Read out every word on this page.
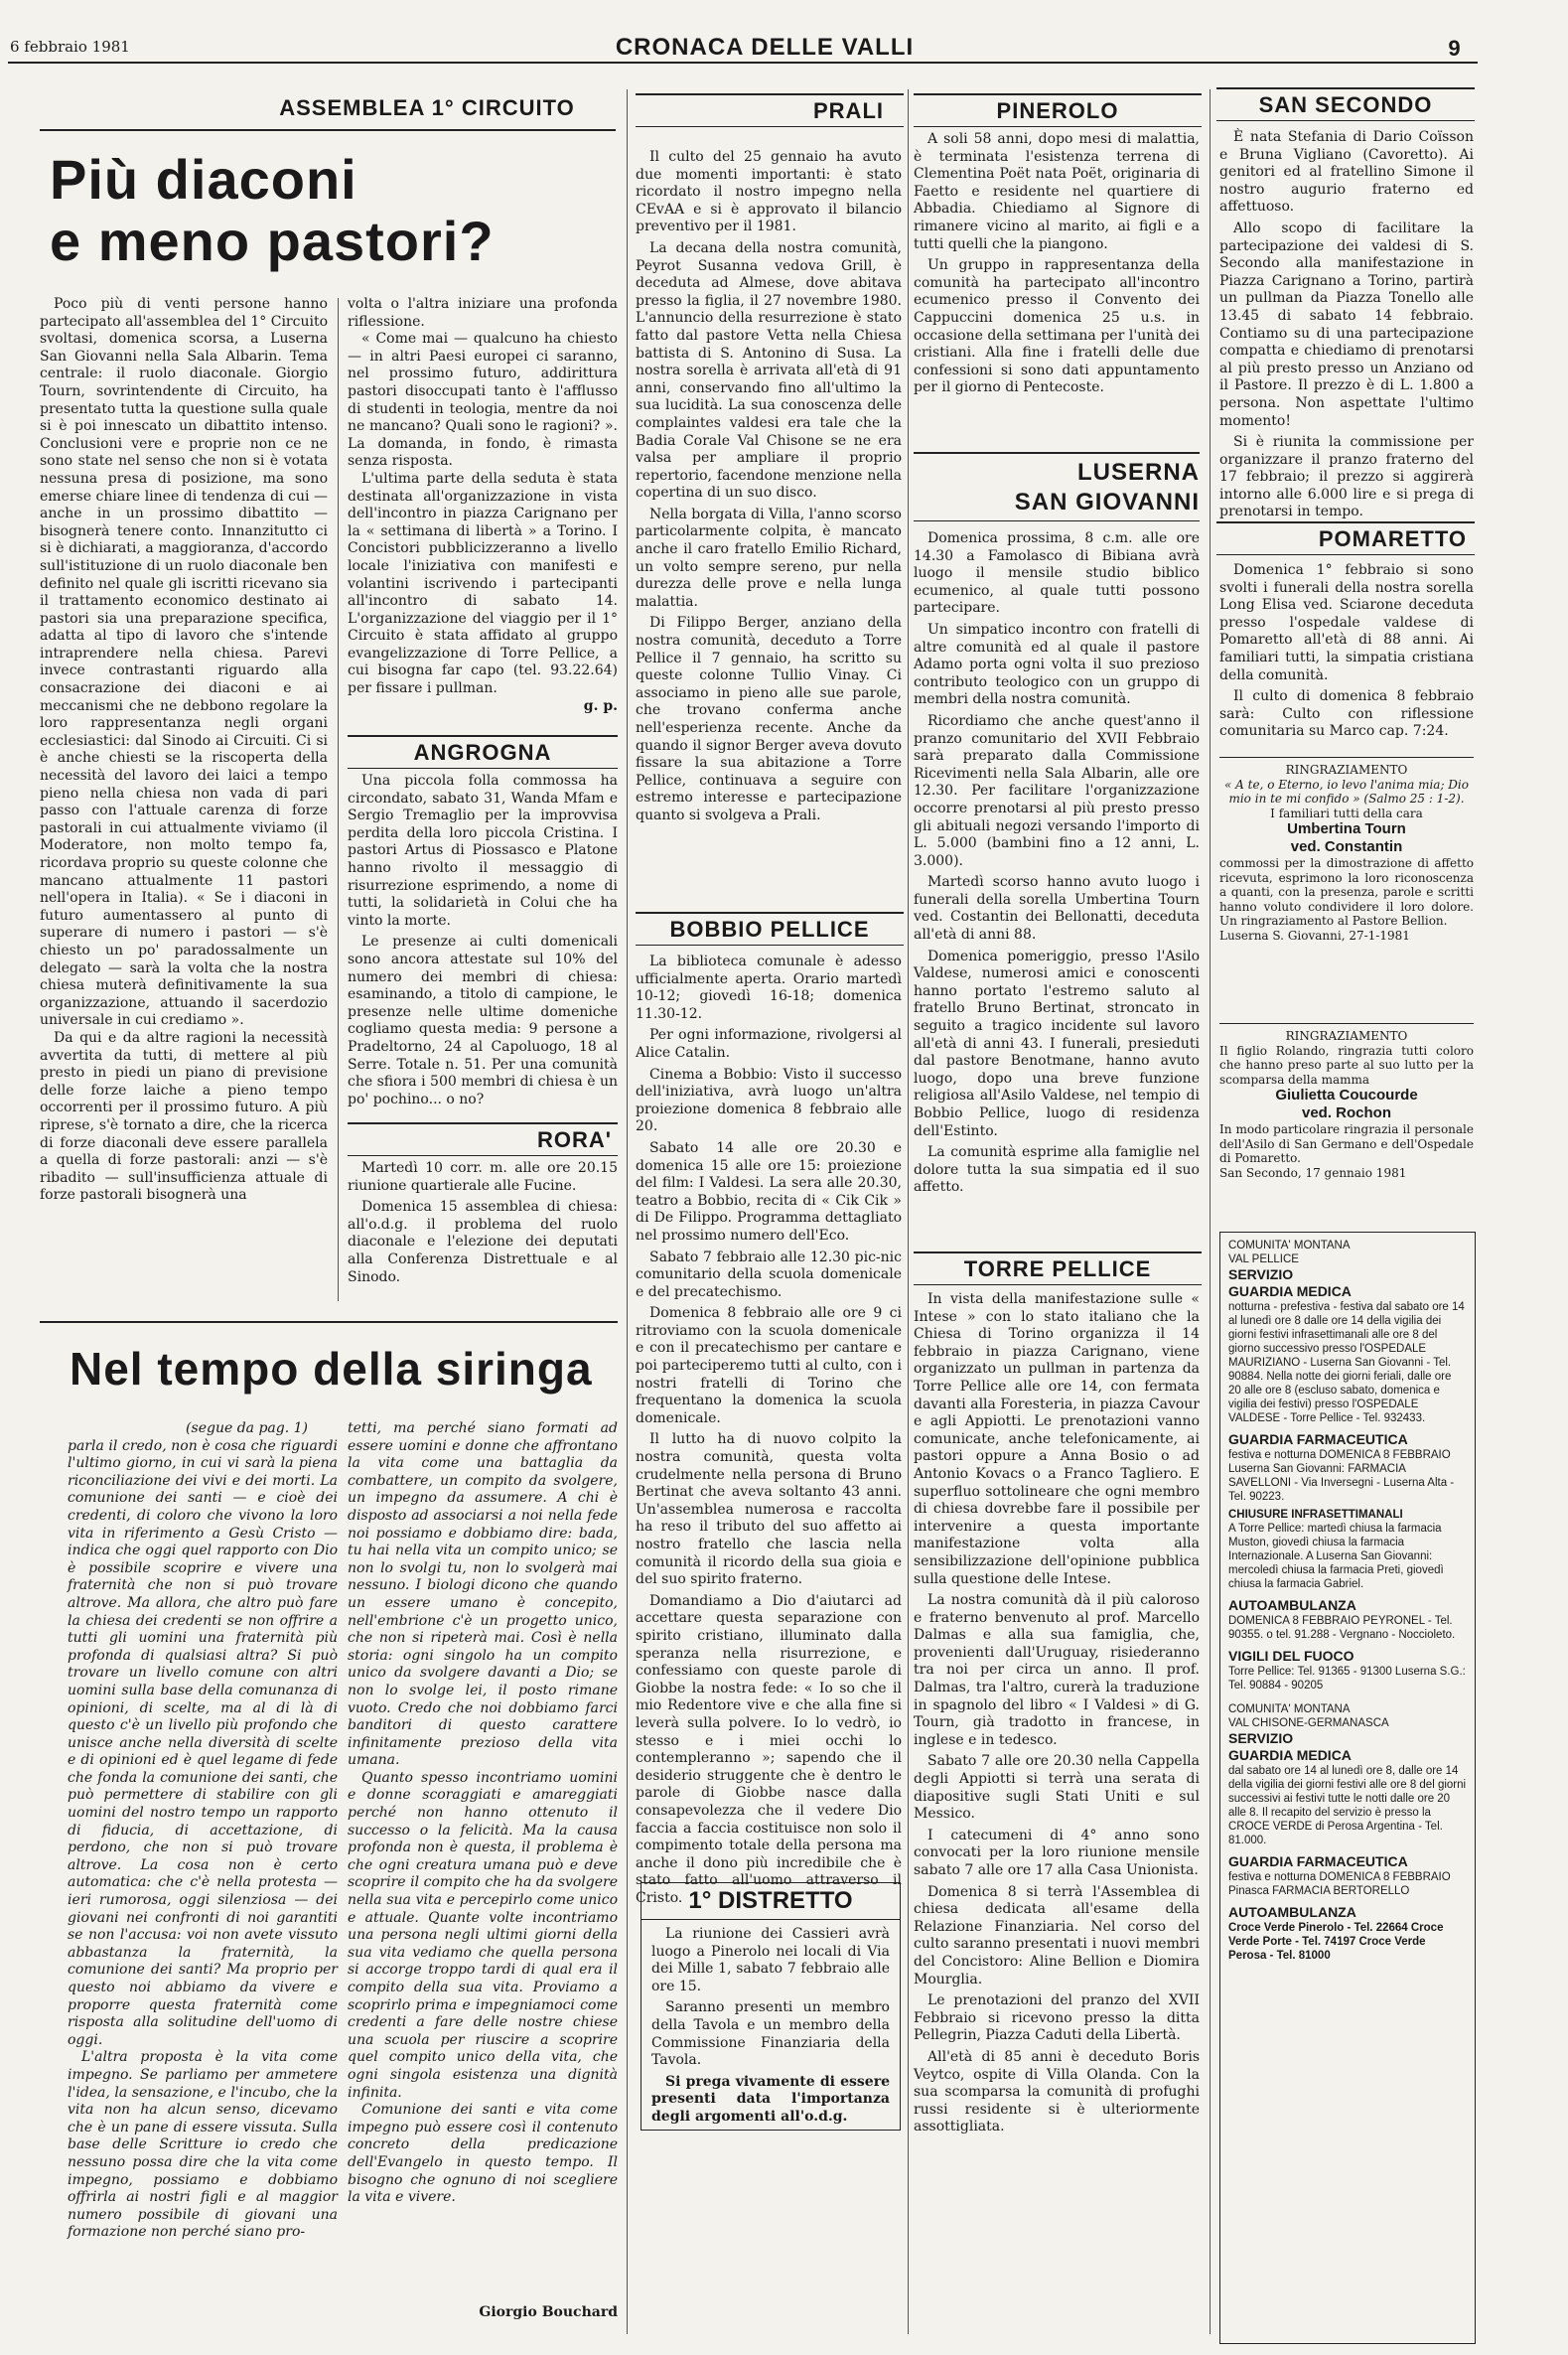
6 febbraio 1981	CRONACA DELLE VALLI	9
ASSEMBLEA 1° CIRCUITO
Più diaconi
e meno pastori?

Poco più di venti persone hanno partecipato all'assemblea del 1° Circuito svoltasi, domenica scorsa, a Luserna San Giovanni nella Sala Albarin. Tema centrale: il ruolo diaconale. Giorgio Tourn, sovrintendente di Circuito, ha presentato tutta la questione sulla quale si è poi innescato un dibattito intenso. Conclusioni vere e proprie non ce ne sono state nel senso che non si è votata nessuna presa di posizione, ma sono emerse chiare linee di tendenza di cui — anche in un prossimo dibattito — bisognerà tenere conto. Innanzitutto ci si è dichiarati, a maggioranza, d'accordo sull'istituzione di un ruolo diaconale ben definito nel quale gli iscritti ricevano sia il trattamento economico destinato ai pastori sia una preparazione specifica, adatta al tipo di lavoro che s'intende intraprendere nella chiesa. Parevi invece contrastanti riguardo alla consacrazione dei diaconi e ai meccanismi che ne debbono regolare la loro rappresentanza negli organi ecclesiastici: dal Sinodo ai Circuiti. Ci si è anche chiesti se la riscoperta della necessità del lavoro dei laici a tempo pieno nella chiesa non vada di pari passo con l'attuale carenza di forze pastorali in cui attualmente viviamo (il Moderatore, non molto tempo fa, ricordava proprio su queste colonne che mancano attualmente 11 pastori nell'opera in Italia). « Se i diaconi in futuro aumentassero al punto di superare di numero i pastori — s'è chiesto un po' paradossalmente un delegato — sarà la volta che la nostra chiesa muterà definitivamente la sua organizzazione, attuando il sacerdozio universale in cui crediamo ».

Da qui e da altre ragioni la necessità avvertita da tutti, di mettere al più presto in piedi un piano di previsione delle forze laiche a pieno tempo occorrenti per il prossimo futuro. A più riprese, s'è tornato a dire, che la ricerca di forze diaconali deve essere parallela a quella di forze pastorali: anzi — s'è ribadito — sull'insufficienza attuale di forze pastorali bisognerà una

volta o l'altra iniziare una profonda riflessione.

« Come mai — qualcuno ha chiesto — in altri Paesi europei ci saranno, nel prossimo futuro, addirittura pastori disoccupati tanto è l'afflusso di studenti in teologia, mentre da noi ne mancano? Quali sono le ragioni? ». La domanda, in fondo, è rimasta senza risposta.

L'ultima parte della seduta è stata destinata all'organizzazione in vista dell'incontro in piazza Carignano per la « settimana di libertà » a Torino. I Concistori pubblicizzeranno a livello locale l'iniziativa con manifesti e volantini iscrivendo i partecipanti all'incontro di sabato 14. L'organizzazione del viaggio per il 1° Circuito è stata affidato al gruppo evangelizzazione di Torre Pellice, a cui bisogna far capo (tel. 93.22.64) per fissare i pullman.

g. p.
ANGROGNA

Una piccola folla commossa ha circondato, sabato 31, Wanda Mfam e Sergio Tremaglio per la improvvisa perdita della loro piccola Cristina. I pastori Artus di Piossasco e Platone hanno rivolto il messaggio di risurrezione esprimendo, a nome di tutti, la solidarietà in Colui che ha vinto la morte.

Le presenze ai culti domenicali sono ancora attestate sul 10% del numero dei membri di chiesa: esaminando, a titolo di campione, le presenze nelle ultime domeniche cogliamo questa media: 9 persone a Pradeltorno, 24 al Capoluogo, 18 al Serre. Totale n. 51. Per una comunità che sfiora i 500 membri di chiesa è un po' pochino... o no?

RORA'

Martedì 10 corr. m. alle ore 20.15 riunione quartierale alle Fucine.

Domenica 15 assemblea di chiesa: all'o.d.g. il problema del ruolo diaconale e l'elezione dei deputati alla Conferenza Distrettuale e al Sinodo.

Nel tempo della siringa
(segue da pag. 1)

parla il credo, non è cosa che riguardi l'ultimo giorno, in cui vi sarà la piena riconciliazione dei vivi e dei morti. La comunione dei santi — e cioè dei credenti, di coloro che vivono la loro vita in riferimento a Gesù Cristo — indica che oggi quel rapporto con Dio è possibile scoprire e vivere una fraternità che non si può trovare altrove. Ma allora, che altro può fare la chiesa dei credenti se non offrire a tutti gli uomini una fraternità più profonda di qualsiasi altra? Si può trovare un livello comune con altri uomini sulla base della comunanza di opinioni, di scelte, ma al di là di questo c'è un livello più profondo che unisce anche nella diversità di scelte e di opinioni ed è quel legame di fede che fonda la comunione dei santi, che può permettere di stabilire con gli uomini del nostro tempo un rapporto di fiducia, di accettazione, di perdono, che non si può trovare altrove. La cosa non è certo automatica: che c'è nella protesta — ieri rumorosa, oggi silenziosa — dei giovani nei confronti di noi garantiti se non l'accusa: voi non avete vissuto abbastanza la fraternità, la comunione dei santi? Ma proprio per questo noi abbiamo da vivere e proporre questa fraternità come risposta alla solitudine dell'uomo di oggi.

L'altra proposta è la vita come impegno. Se parliamo per ammetere l'idea, la sensazione, e l'incubo, che la vita non ha alcun senso, dicevamo che è un pane di essere vissuta. Sulla base delle Scritture io credo che nessuno possa dire che la vita come impegno, possiamo e dobbiamo offrirla ai nostri figli e al maggior numero possibile di giovani una formazione non perché siano pro-

tetti, ma perché siano formati ad essere uomini e donne che affrontano la vita come una battaglia da combattere, un compito da svolgere, un impegno da assumere. A chi è disposto ad associarsi a noi nella fede noi possiamo e dobbiamo dire: bada, tu hai nella vita un compito unico; se non lo svolgi tu, non lo svolgerà mai nessuno. I biologi dicono che quando un essere umano è concepito, nell'embrione c'è un progetto unico, che non si ripeterà mai. Così è nella storia: ogni singolo ha un compito unico da svolgere davanti a Dio; se non lo svolge lei, il posto rimane vuoto. Credo che noi dobbiamo farci banditori di questo carattere infinitamente prezioso della vita umana.

Quanto spesso incontriamo uomini e donne scoraggiati e amareggiati perché non hanno ottenuto il successo o la felicità. Ma la causa profonda non è questa, il problema è che ogni creatura umana può e deve scoprire il compito che ha da svolgere nella sua vita e percepirlo come unico e attuale. Quante volte incontriamo una persona negli ultimi giorni della sua vita vediamo che quella persona si accorge troppo tardi di qual era il compito della sua vita. Proviamo a scoprirlo prima e impegniamoci come credenti a fare delle nostre chiese una scuola per riuscire a scoprire quel compito unico della vita, che ogni singola esistenza una dignità infinita.

Comunione dei santi e vita come impegno può essere così il contenuto concreto della predicazione dell'Evangelo in questo tempo. Il bisogno che ognuno di noi scegliere la vita e vivere.

Giorgio Bouchard
PRALI

Il culto del 25 gennaio ha avuto due momenti importanti: è stato ricordato il nostro impegno nella CEvAA e si è approvato il bilancio preventivo per il 1981.

La decana della nostra comunità, Peyrot Susanna vedova Grill, è deceduta ad Almese, dove abitava presso la figlia, il 27 novembre 1980. L'annuncio della resurrezione è stato fatto dal pastore Vetta nella Chiesa battista di S. Antonino di Susa. La nostra sorella è arrivata all'età di 91 anni, conservando fino all'ultimo la sua lucidità. La sua conoscenza delle complaintes valdesi era tale che la Badia Corale Val Chisone se ne era valsa per ampliare il proprio repertorio, facendone menzione nella copertina di un suo disco.

Nella borgata di Villa, l'anno scorso particolarmente colpita, è mancato anche il caro fratello Emilio Richard, un volto sempre sereno, pur nella durezza delle prove e nella lunga malattia.

Di Filippo Berger, anziano della nostra comunità, deceduto a Torre Pellice il 7 gennaio, ha scritto su queste colonne Tullio Vinay. Ci associamo in pieno alle sue parole, che trovano conferma anche nell'esperienza recente. Anche da quando il signor Berger aveva dovuto fissare la sua abitazione a Torre Pellice, continuava a seguire con estremo interesse e partecipazione quanto si svolgeva a Prali.

BOBBIO PELLICE

La biblioteca comunale è adesso ufficialmente aperta. Orario martedì 10-12; giovedì 16-18; domenica 11.30-12.

Per ogni informazione, rivolgersi al Alice Catalin.

Cinema a Bobbio: Visto il successo dell'iniziativa, avrà luogo un'altra proiezione domenica 8 febbraio alle 20.

Sabato 14 alle ore 20.30 e domenica 15 alle ore 15: proiezione del film: I Valdesi. La sera alle 20.30, teatro a Bobbio, recita di « Cik Cik » di De Filippo. Programma dettagliato nel prossimo numero dell'Eco.

Sabato 7 febbraio alle 12.30 pic-nic comunitario della scuola domenicale e del precatechismo.

Domenica 8 febbraio alle ore 9 ci ritroviamo con la scuola domenicale e con il precatechismo per cantare e poi parteciperemo tutti al culto, con i nostri fratelli di Torino che frequentano la domenica la scuola domenicale.

Il lutto ha di nuovo colpito la nostra comunità, questa volta crudelmente nella persona di Bruno Bertinat che aveva soltanto 43 anni. Un'assemblea numerosa e raccolta ha reso il tributo del suo affetto ai nostro fratello che lascia nella comunità il ricordo della sua gioia e del suo spirito fraterno.

Domandiamo a Dio d'aiutarci ad accettare questa separazione con spirito cristiano, illuminato dalla speranza nella risurrezione, e confessiamo con queste parole di Giobbe la nostra fede: « Io so che il mio Redentore vive e che alla fine si leverà sulla polvere. Io lo vedrò, io stesso e i miei occhi lo contempleranno »; sapendo che il desiderio struggente che è dentro le parole di Giobbe nasce dalla consapevolezza che il vedere Dio faccia a faccia costituisce non solo il compimento totale della persona ma anche il dono più incredibile che è stato fatto all'uomo attraverso il Cristo. 1° DISTRETTO

La riunione dei Cassieri avrà luogo a Pinerolo nei locali di Via dei Mille 1, sabato 7 febbraio alle ore 15.

Saranno presenti un membro della Tavola e un membro della Commissione Finanziaria della Tavola.

Si prega vivamente di essere presenti data l'importanza degli argomenti all'o.d.g.

PINEROLO

A soli 58 anni, dopo mesi di malattia, è terminata l'esistenza terrena di Clementina Poët nata Poët, originaria di Faetto e residente nel quartiere di Abbadia. Chiediamo al Signore di rimanere vicino al marito, ai figli e a tutti quelli che la piangono.

Un gruppo in rappresentanza della comunità ha partecipato all'incontro ecumenico presso il Convento dei Cappuccini domenica 25 u.s. in occasione della settimana per l'unità dei cristiani. Alla fine i fratelli delle due confessioni si sono dati appuntamento per il giorno di Pentecoste.

LUSERNA
SAN GIOVANNI

Domenica prossima, 8 c.m. alle ore 14.30 a Famolasco di Bibiana avrà luogo il mensile studio biblico ecumenico, al quale tutti possono partecipare.

Un simpatico incontro con fratelli di altre comunità ed al quale il pastore Adamo porta ogni volta il suo prezioso contributo teologico con un gruppo di membri della nostra comunità.

Ricordiamo che anche quest'anno il pranzo comunitario del XVII Febbraio sarà preparato dalla Commissione Ricevimenti nella Sala Albarin, alle ore 12.30. Per facilitare l'organizzazione occorre prenotarsi al più presto presso gli abituali negozi versando l'importo di L. 5.000 (bambini fino a 12 anni, L. 3.000).

Martedì scorso hanno avuto luogo i funerali della sorella Umbertina Tourn ved. Costantin dei Bellonatti, deceduta all'età di anni 88.

Domenica pomeriggio, presso l'Asilo Valdese, numerosi amici e conoscenti hanno portato l'estremo saluto al fratello Bruno Bertinat, stroncato in seguito a tragico incidente sul lavoro all'età di anni 43. I funerali, presieduti dal pastore Benotmane, hanno avuto luogo, dopo una breve funzione religiosa all'Asilo Valdese, nel tempio di Bobbio Pellice, luogo di residenza dell'Estinto.

La comunità esprime alla famiglie nel dolore tutta la sua simpatia ed il suo affetto.

TORRE PELLICE

In vista della manifestazione sulle « Intese » con lo stato italiano che la Chiesa di Torino organizza il 14 febbraio in piazza Carignano, viene organizzato un pullman in partenza da Torre Pellice alle ore 14, con fermata davanti alla Foresteria, in piazza Cavour e agli Appiotti. Le prenotazioni vanno comunicate, anche telefonicamente, ai pastori oppure a Anna Bosio o ad Antonio Kovacs o a Franco Tagliero. E superfluo sottolineare che ogni membro di chiesa dovrebbe fare il possibile per intervenire a questa importante manifestazione volta alla sensibilizzazione dell'opinione pubblica sulla questione delle Intese.

La nostra comunità dà il più caloroso e fraterno benvenuto al prof. Marcello Dalmas e alla sua famiglia, che, provenienti dall'Uruguay, risiederanno tra noi per circa un anno. Il prof. Dalmas, tra l'altro, curerà la traduzione in spagnolo del libro « I Valdesi » di G. Tourn, già tradotto in francese, in inglese e in tedesco.

Sabato 7 alle ore 20.30 nella Cappella degli Appiotti si terrà una serata di diapositive sugli Stati Uniti e sul Messico.

I catecumeni di 4° anno sono convocati per la loro riunione mensile sabato 7 alle ore 17 alla Casa Unionista.

Domenica 8 si terrà l'Assemblea di chiesa dedicata all'esame della Relazione Finanziaria. Nel corso del culto saranno presentati i nuovi membri del Concistoro: Aline Bellion e Diomira Mourglia.

Le prenotazioni del pranzo del XVII Febbraio si ricevono presso la ditta Pellegrin, Piazza Caduti della Libertà.

All'età di 85 anni è deceduto Boris Veytco, ospite di Villa Olanda. Con la sua scomparsa la comunità di profughi russi residente si è ulteriormente assottigliata.

SAN SECONDO

È nata Stefania di Dario Coïsson e Bruna Vigliano (Cavoretto). Ai genitori ed al fratellino Simone il nostro augurio fraterno ed affettuoso.

Allo scopo di facilitare la partecipazione dei valdesi di S. Secondo alla manifestazione in Piazza Carignano a Torino, partirà un pullman da Piazza Tonello alle 13.45 di sabato 14 febbraio. Contiamo su di una partecipazione compatta e chiediamo di prenotarsi al più presto presso un Anziano od il Pastore. Il prezzo è di L. 1.800 a persona. Non aspettate l'ultimo momento!

Si è riunita la commissione per organizzare il pranzo fraterno del 17 febbraio; il prezzo si aggirerà intorno alle 6.000 lire e si prega di prenotarsi in tempo.

POMARETTO

Domenica 1° febbraio si sono svolti i funerali della nostra sorella Long Elisa ved. Sciarone deceduta presso l'ospedale valdese di Pomaretto all'età di 88 anni. Ai familiari tutti, la simpatia cristiana della comunità.

Il culto di domenica 8 febbraio sarà: Culto con riflessione comunitaria su Marco cap. 7:24.

RINGRAZIAMENTO
« A te, o Eterno, io levo l'anima mia; Dio mio in te mi confido » (Salmo 25 : 1-2).
I familiari tutti della cara
Umbertina Tourn
ved. Constantin
commossi per la dimostrazione di affetto ricevuta, esprimono la loro riconoscenza a quanti, con la presenza, parole e scritti hanno voluto condividere il loro dolore. Un ringraziamento al Pastore Bellion.
Luserna S. Giovanni, 27-1-1981
RINGRAZIAMENTO
Il figlio Rolando, ringrazia tutti coloro che hanno preso parte al suo lutto per la scomparsa della mamma
Giulietta Coucourde
ved. Rochon
In modo particolare ringrazia il personale dell'Asilo di San Germano e dell'Ospedale di Pomaretto.
San Secondo, 17 gennaio 1981
COMUNITA' MONTANA
VAL PELLICE
SERVIZIO
GUARDIA MEDICA
notturna - prefestiva - festiva dal sabato ore 14 al lunedì ore 8 dalle ore 14 della vigilia dei giorni festivi infrasettimanali alle ore 8 del giorno successivo presso l'OSPEDALE MAURIZIANO - Luserna San Giovanni - Tel. 90884. Nella notte dei giorni feriali, dalle ore 20 alle ore 8 (escluso sabato, domenica e vigilia dei festivi) presso l'OSPEDALE VALDESE - Torre Pellice - Tel. 932433.
GUARDIA FARMACEUTICA
festiva e notturna DOMENICA 8 FEBBRAIO Luserna San Giovanni: FARMACIA SAVELLONI - Via Inversegni - Luserna Alta - Tel. 90223.
CHIUSURE INFRASETTIMANALI
A Torre Pellice: martedì chiusa la farmacia Muston, giovedì chiusa la farmacia Internazionale. A Luserna San Giovanni: mercoledì chiusa la farmacia Preti, giovedì chiusa la farmacia Gabriel.
AUTOAMBULANZA
DOMENICA 8 FEBBRAIO PEYRONEL - Tel. 90355. o tel. 91.288 - Vergnano - Noccioleto.
VIGILI DEL FUOCO
Torre Pellice: Tel. 91365 - 91300 Luserna S.G.: Tel. 90884 - 90205
COMUNITA' MONTANA
VAL CHISONE-GERMANASCA
SERVIZIO
GUARDIA MEDICA
dal sabato ore 14 al lunedì ore 8, dalle ore 14 della vigilia dei giorni festivi alle ore 8 del giorni successivi ai festivi tutte le notti dalle ore 20 alle 8. Il recapito del servizio è presso la CROCE VERDE di Perosa Argentina - Tel. 81.000.
GUARDIA FARMACEUTICA
festiva e notturna DOMENICA 8 FEBBRAIO Pinasca FARMACIA BERTORELLO
AUTOAMBULANZA
Croce Verde Pinerolo - Tel. 22664 Croce Verde Porte - Tel. 74197 Croce Verde Perosa - Tel. 81000
